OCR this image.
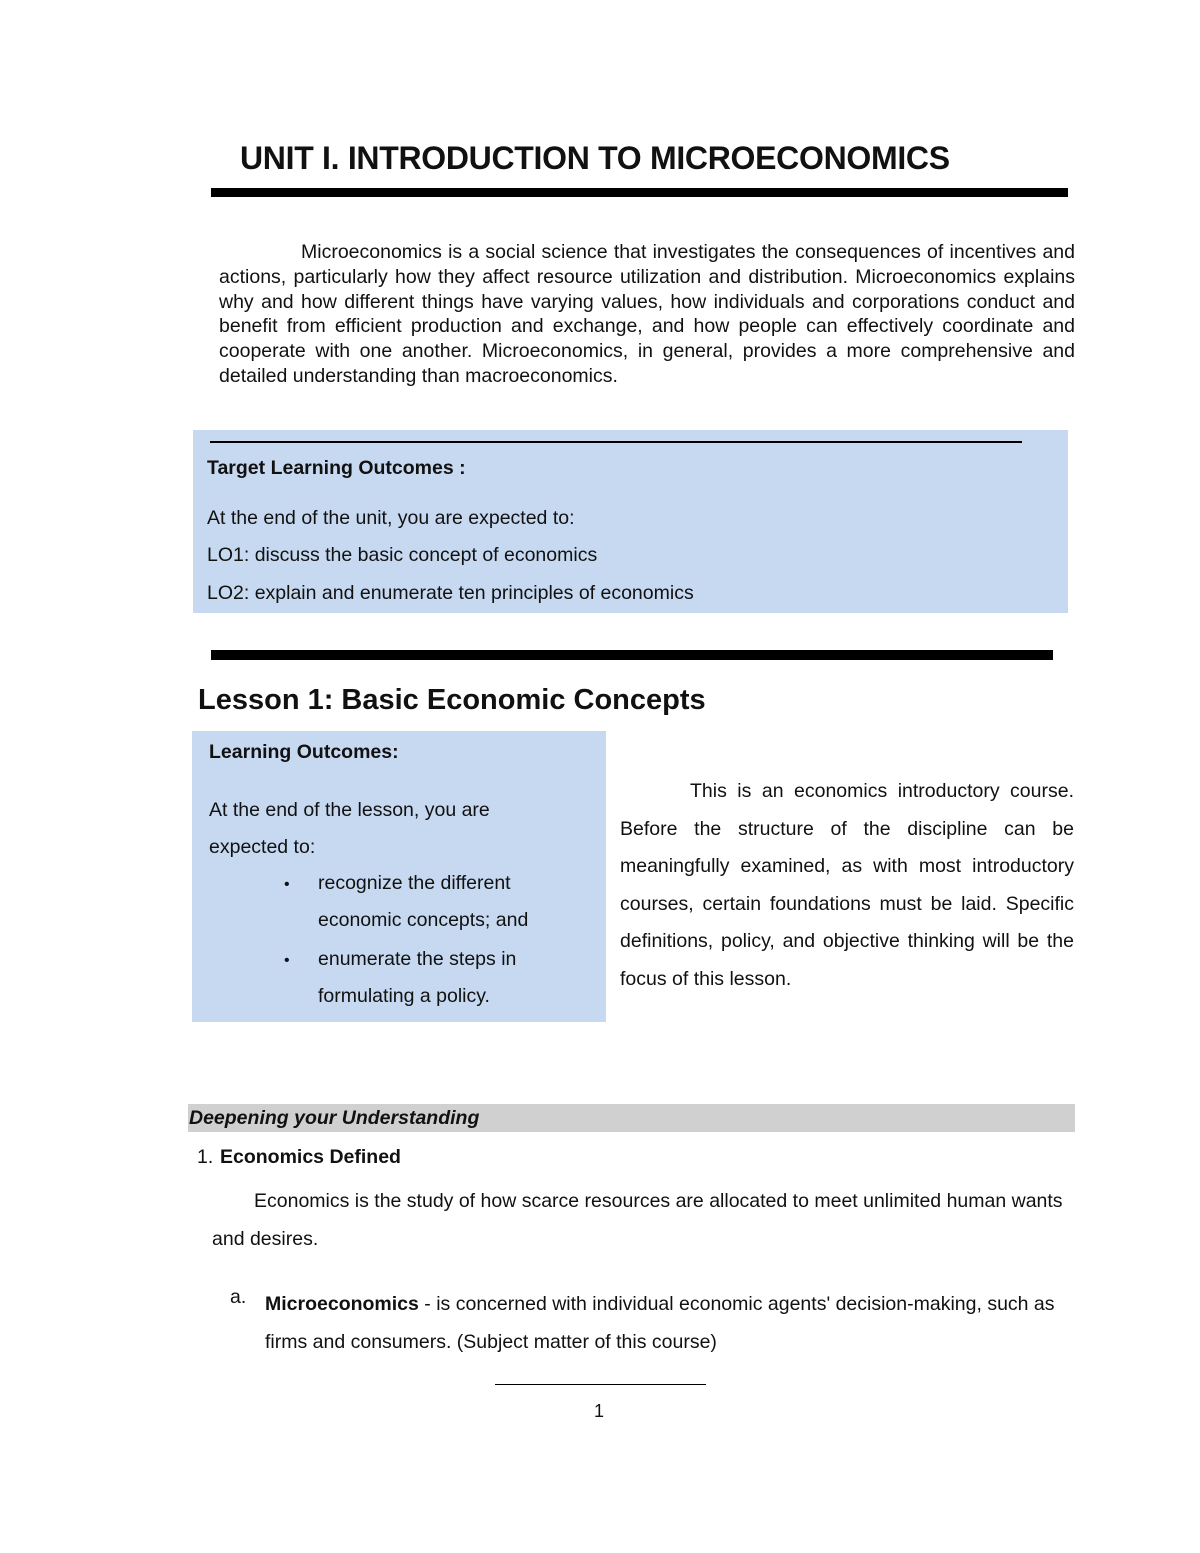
UNIT I. INTRODUCTION TO MICROECONOMICS

Microeconomics is a social science that investigates the consequences of incentives and actions, particularly how they affect resource utilization and distribution. Microeconomics explains why and how different things have varying values, how individuals and corporations conduct and benefit from efficient production and exchange, and how people can effectively coordinate and cooperate with one another. Microeconomics, in general, provides a more comprehensive and detailed understanding than macroeconomics.

Target Learning Outcomes :

At the end of the unit, you are expected to:

LO1: discuss the basic concept of economics

LO2: explain and enumerate ten principles of economics

Lesson 1: Basic Economic Concepts

Learning Outcomes:

At the end of the lesson, you are expected to:

• recognize the different economic concepts; and

• enumerate the steps in formulating a policy.

This is an economics introductory course. Before the structure of the discipline can be meaningfully examined, as with most introductory courses, certain foundations must be laid. Specific definitions, policy, and objective thinking will be the focus of this lesson.

Deepening your Understanding

1. Economics Defined

Economics is the study of how scarce resources are allocated to meet unlimited human wants and desires.

a. Microeconomics - is concerned with individual economic agents' decision-making, such as firms and consumers. (Subject matter of this course)

1
